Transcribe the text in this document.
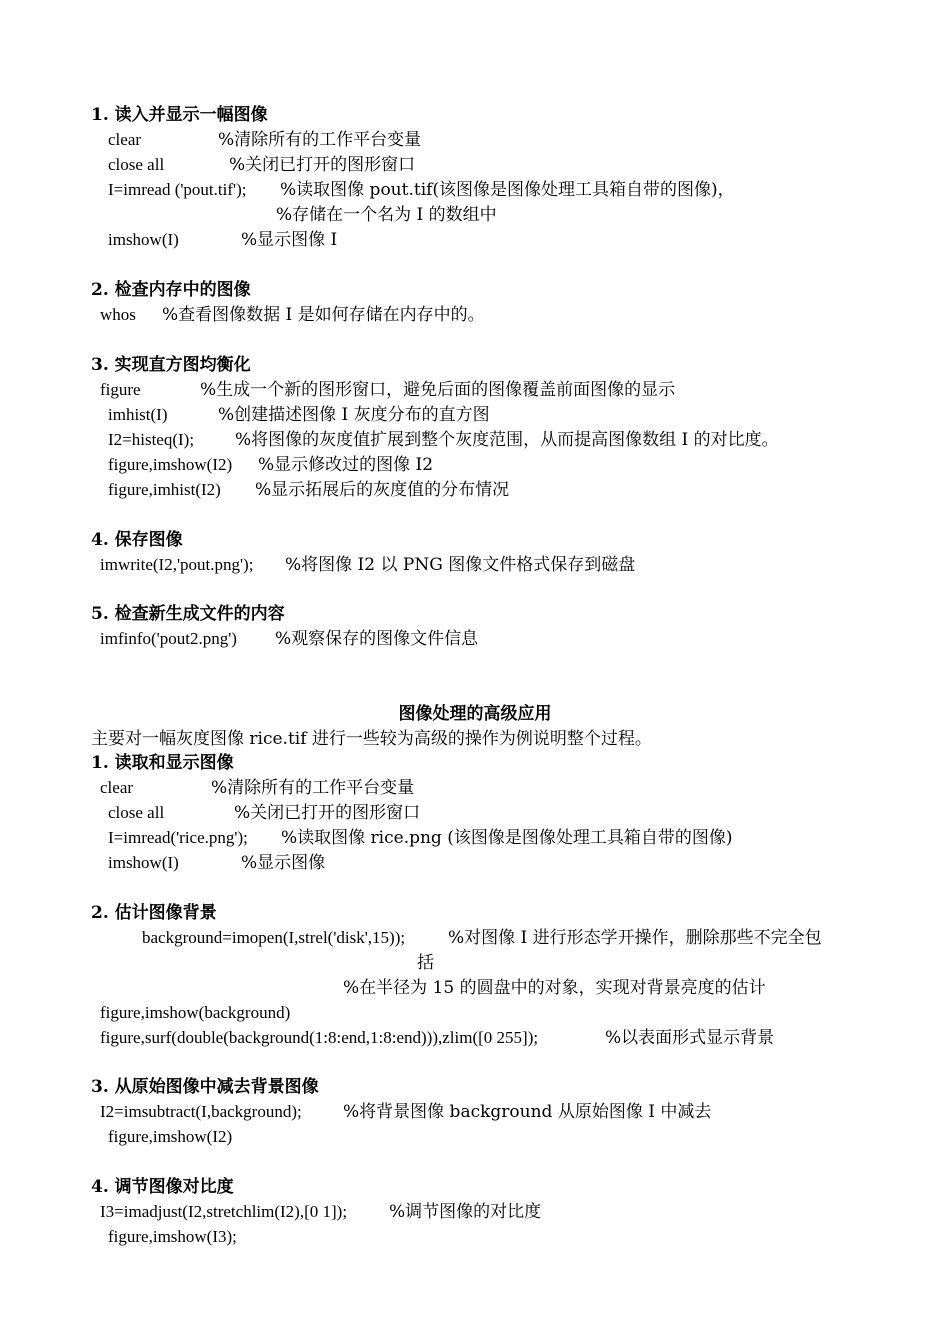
1. 读入并显示一幅图像
clear	%清除所有的工作平台变量
close all	%关闭已打开的图形窗口
I=imread ('pout.tif'); %读取图像 pout.tif(该图像是图像处理工具箱自带的图像)，
%存储在一个名为 I 的数组中
imshow(I)	%显示图像 I
2. 检查内存中的图像
whos %查看图像数据 I 是如何存储在内存中的。
3. 实现直方图均衡化
figure	%生成一个新的图形窗口，避免后面的图像覆盖前面图像的显示
imhist(I)	%创建描述图像 I 灰度分布的直方图
I2=histeq(I); %将图像的灰度值扩展到整个灰度范围，从而提高图像数组 I 的对比度。
figure,imshow(I2) %显示修改过的图像 I2
figure,imhist(I2) %显示拓展后的灰度值的分布情况
4. 保存图像
imwrite(I2,'pout.png'); %将图像 I2 以 PNG 图像文件格式保存到磁盘
5. 检查新生成文件的内容
imfinfo('pout2.png') %观察保存的图像文件信息
图像处理的高级应用
主要对一幅灰度图像 rice.tif 进行一些较为高级的操作为例说明整个过程。
1. 读取和显示图像
clear	%清除所有的工作平台变量
close all	%关闭已打开的图形窗口
I=imread('rice.png'); %读取图像 rice.png (该图像是图像处理工具箱自带的图像)
imshow(I)	%显示图像
2. 估计图像背景
background=imopen(I,strel('disk',15));	%对图像 I 进行形态学开操作，删除那些不完全包
括
%在半径为 15 的圆盘中的对象，实现对背景亮度的估计
figure,imshow(background)
figure,surf(double(background(1:8:end,1:8:end))),zlim([0 255]);	%以表面形式显示背景
3. 从原始图像中减去背景图像
I2=imsubtract(I,background); %将背景图像 background 从原始图像 I 中减去
figure,imshow(I2)
4. 调节图像对比度
I3=imadjust(I2,stretchlim(I2),[0 1]); %调节图像的对比度
figure,imshow(I3);
